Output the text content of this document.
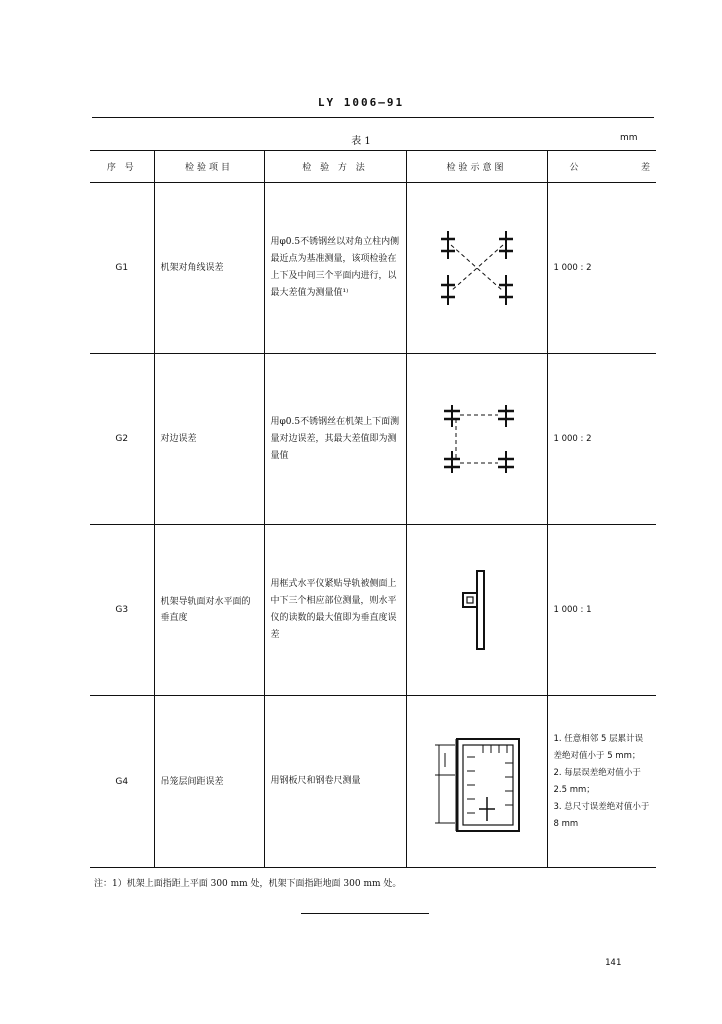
LY 1006—91
表 1	mm
序 号	检验项目	检 验 方 法	检验示意图	公 差

G1	机架对角线误差	用φ0.5不锈钢丝以对角立柱内侧最近点为基准测量，该项检验在上下及中间三个平面内进行，以最大差值为测量值¹⁾		1 000 : 2
G2	对边误差	用φ0.5不锈钢丝在机架上下面测量对边误差，其最大差值即为测量值		1 000 : 2
G3	机架导轨面对水平面的垂直度	用框式水平仪紧贴导轨被侧面上中下三个相应部位测量，则水平仪的读数的最大值即为垂直度误差		1 000 : 1
G4	吊笼层间距误差	用钢板尺和钢卷尺测量		1. 任意相邻 5 层累计误差绝对值小于 5 mm；
2. 每层误差绝对值小于 2.5 mm；
3. 总尺寸误差绝对值小于 8 mm
注：1）机架上面指距上平面 300 mm 处，机架下面指距地面 300 mm 处。
141
